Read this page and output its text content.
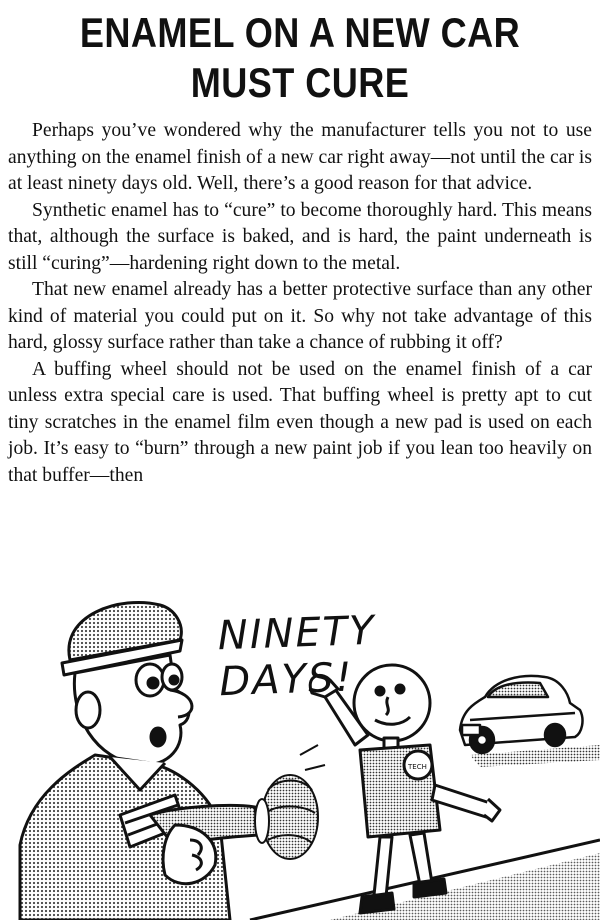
ENAMEL ON A NEW CAR
MUST CURE

Perhaps you’ve wondered why the manufacturer tells you not to use anything on the enamel finish of a new car right away—not until the car is at least ninety days old. Well, there’s a good reason for that advice.

Synthetic enamel has to “cure” to become thoroughly hard. This means that, although the surface is baked, and is hard, the paint underneath is still “curing”—hardening right down to the metal.

That new enamel already has a better protective surface than any other kind of material you could put on it. So why not take advantage of this hard, glossy surface rather than take a chance of rubbing it off?

A buffing wheel should not be used on the enamel finish of a car unless extra special care is used. That buffing wheel is pretty apt to cut tiny scratches in the enamel film even though a new pad is used on each job. It’s easy to “burn” through a new paint job if you lean too heavily on that buffer—then

TECH
NINETY DAYS!
